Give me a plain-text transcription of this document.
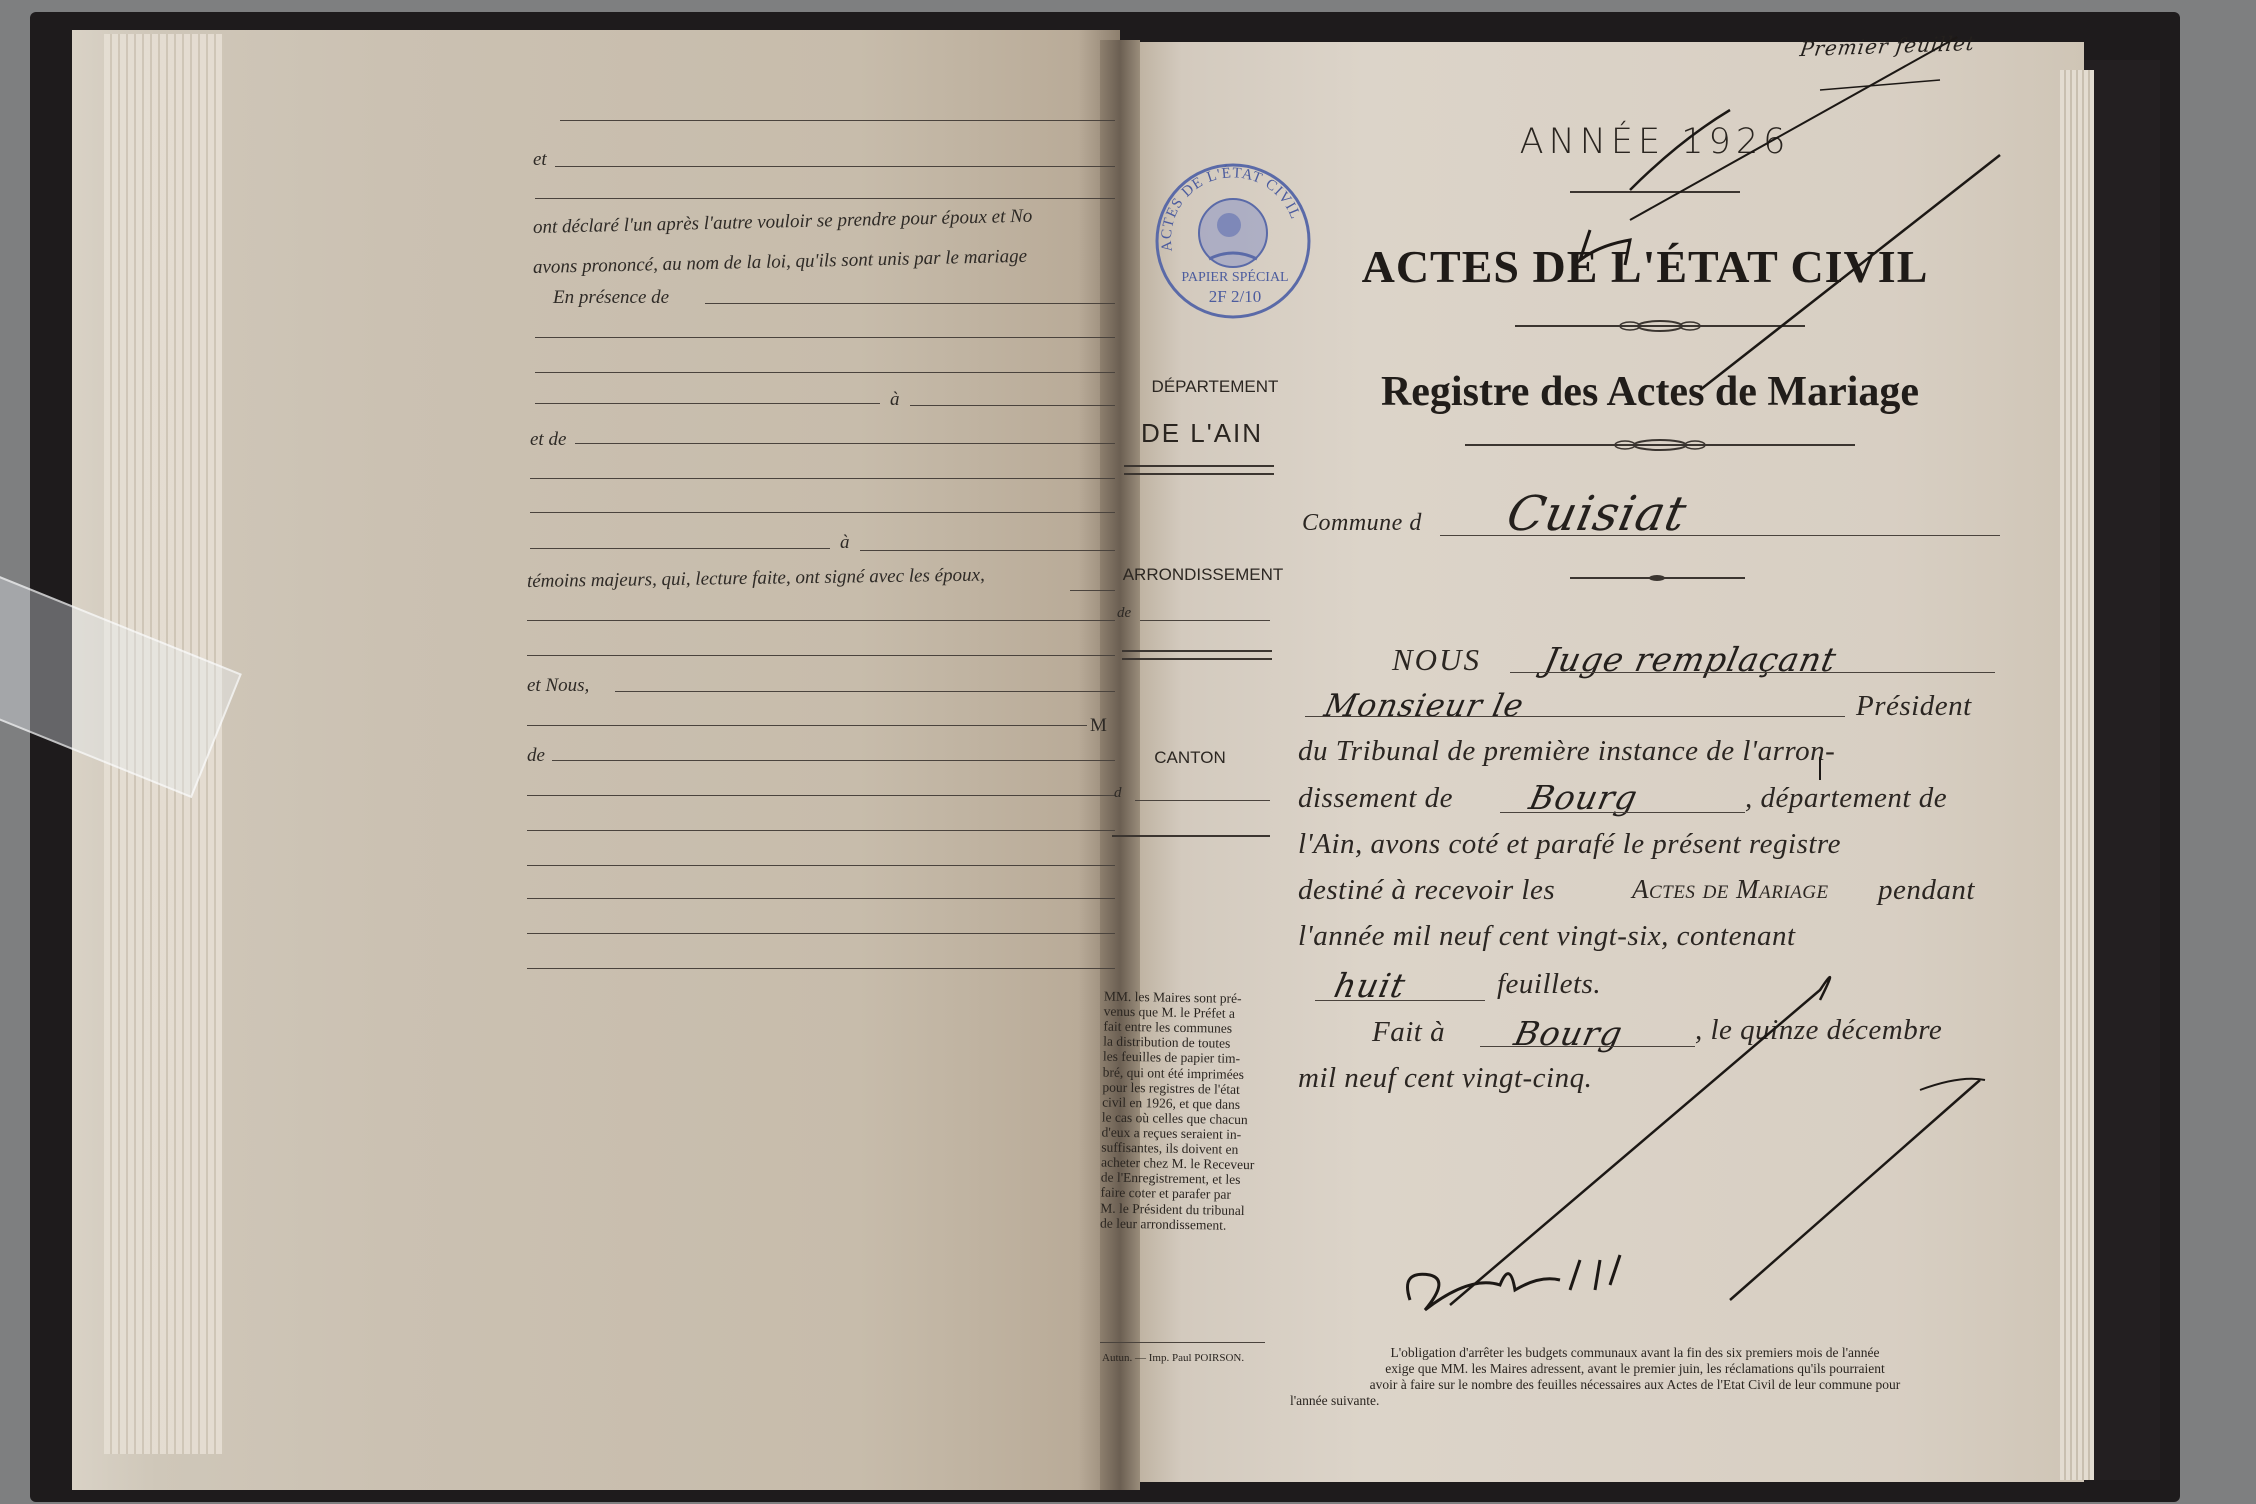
et
ont déclaré l'un après l'autre vouloir se prendre pour époux et No
avons prononcé, au nom de la loi, qu'ils sont unis par le mariage
En présence de
à
et de
à
témoins majeurs, qui, lecture faite, ont signé avec les époux,
et Nous,
M
de
ACTES DE L'ÉTAT CIVIL
PAPIER SPÉCIAL
2F 2/10
DÉPARTEMENT
DE L'AIN
ARRONDISSEMENT
de
CANTON
d
MM. les Maires sont pré-
venus que M. le Préfet a
fait entre les communes
la distribution de toutes
les feuilles de papier tim-
bré, qui ont été imprimées
pour les registres de l'état
civil en 1926, et que dans
le cas où celles que chacun
d'eux a reçues seraient in-
suffisantes, ils doivent en
acheter chez M. le Receveur
de l'Enregistrement, et les
faire coter et parafer par
M. le Président du tribunal
de leur arrondissement.
Autun. — Imp. Paul POIRSON.
Premier feuillet
ANNÉE 1926
ACTES DE L'ÉTAT CIVIL
Registre des Actes de Mariage
Commune d Cuisiat
NOUS Juge remplaçant
Monsieur le	Président
du Tribunal de première instance de l'arron-
dissement de Bourg	, département de
l'Ain, avons coté et parafé le présent registre
destiné à recevoir les	Actes de Mariage pendant
l'année mil neuf cent vingt-six, contenant
huit	feuillets.
Fait à Bourg , le quinze décembre
mil neuf cent vingt-cinq.
L'obligation d'arrêter les budgets communaux avant la fin des six premiers mois de l'année
exige que MM. les Maires adressent, avant le premier juin, les réclamations qu'ils pourraient
avoir à faire sur le nombre des feuilles nécessaires aux Actes de l'Etat Civil de leur commune pour
l'année suivante.
